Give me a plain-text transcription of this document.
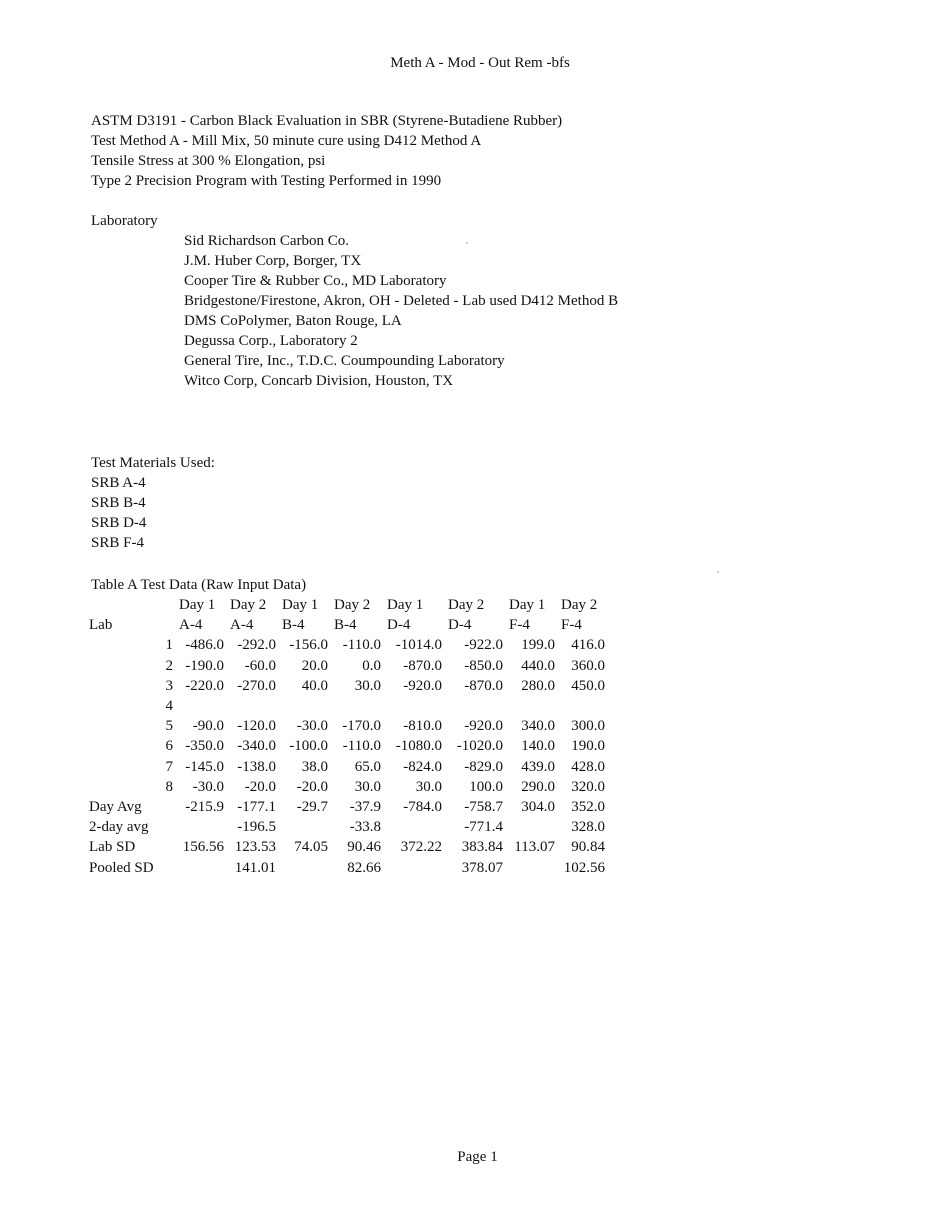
Meth A - Mod - Out Rem -bfs
ASTM D3191 - Carbon Black Evaluation in SBR (Styrene-Butadiene Rubber)
Test Method A - Mill Mix, 50 minute cure using D412 Method A
Tensile Stress at 300 % Elongation, psi
Type 2 Precision Program with Testing Performed in 1990
Laboratory
Sid Richardson Carbon Co.
J.M. Huber Corp, Borger, TX
Cooper Tire & Rubber Co., MD Laboratory
Bridgestone/Firestone, Akron, OH - Deleted - Lab used D412 Method B
DMS CoPolymer, Baton Rouge, LA
Degussa Corp., Laboratory 2
General Tire, Inc., T.D.C. Coumpounding Laboratory
Witco Corp, Concarb Division, Houston, TX
Test Materials Used:
SRB A-4
SRB B-4
SRB D-4
SRB F-4
Table A Test Data (Raw Input Data)
		Day 1	Day 2	Day 1	Day 2	Day 1	Day 2	Day 1	Day 2
Lab		A-4	A-4	B-4	B-4	D-4	D-4	F-4	F-4
	1	-486.0	-292.0	-156.0	-110.0	-1014.0	-922.0	199.0	416.0
	2	-190.0	-60.0	20.0	0.0	-870.0	-850.0	440.0	360.0
	3	-220.0	-270.0	40.0	30.0	-920.0	-870.0	280.0	450.0
	4								
	5	-90.0	-120.0	-30.0	-170.0	-810.0	-920.0	340.0	300.0
	6	-350.0	-340.0	-100.0	-110.0	-1080.0	-1020.0	140.0	190.0
	7	-145.0	-138.0	38.0	65.0	-824.0	-829.0	439.0	428.0
	8	-30.0	-20.0	-20.0	30.0	30.0	100.0	290.0	320.0
Day Avg		-215.9	-177.1	-29.7	-37.9	-784.0	-758.7	304.0	352.0
2-day avg			-196.5		-33.8		-771.4		328.0
Lab SD		156.56	123.53	74.05	90.46	372.22	383.84	113.07	90.84
Pooled SD			141.01		82.66		378.07		102.56
Page 1
